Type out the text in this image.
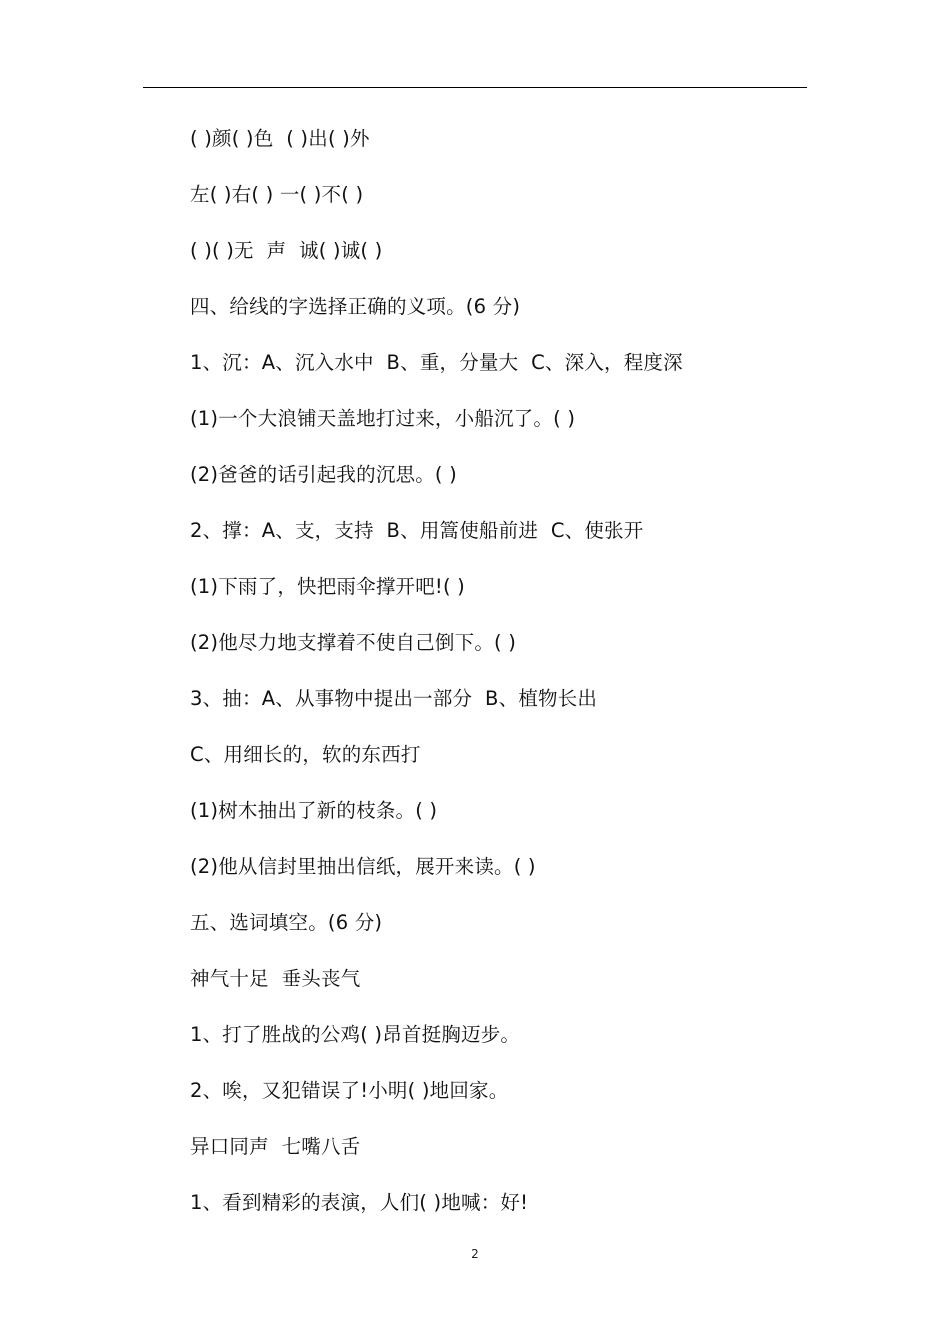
( )颜( )色  ( )出( )外
左( )右( ) 一( )不( )
( )( )无  声  诚( )诚( )
四、给线的字选择正确的义项。(6 分)
1、沉：A、沉入水中  B、重，分量大  C、深入，程度深
(1)一个大浪铺天盖地打过来，小船沉了。( )
(2)爸爸的话引起我的沉思。( )
2、撑：A、支，支持  B、用篙使船前进  C、使张开
(1)下雨了，快把雨伞撑开吧!( )
(2)他尽力地支撑着不使自己倒下。( )
3、抽：A、从事物中提出一部分  B、植物长出
C、用细长的，软的东西打
(1)树木抽出了新的枝条。( )
(2)他从信封里抽出信纸，展开来读。( )
五、选词填空。(6 分)
神气十足  垂头丧气
1、打了胜战的公鸡( )昂首挺胸迈步。
2、唉，又犯错误了!小明( )地回家。
异口同声  七嘴八舌
1、看到精彩的表演，人们( )地喊：好!
2
